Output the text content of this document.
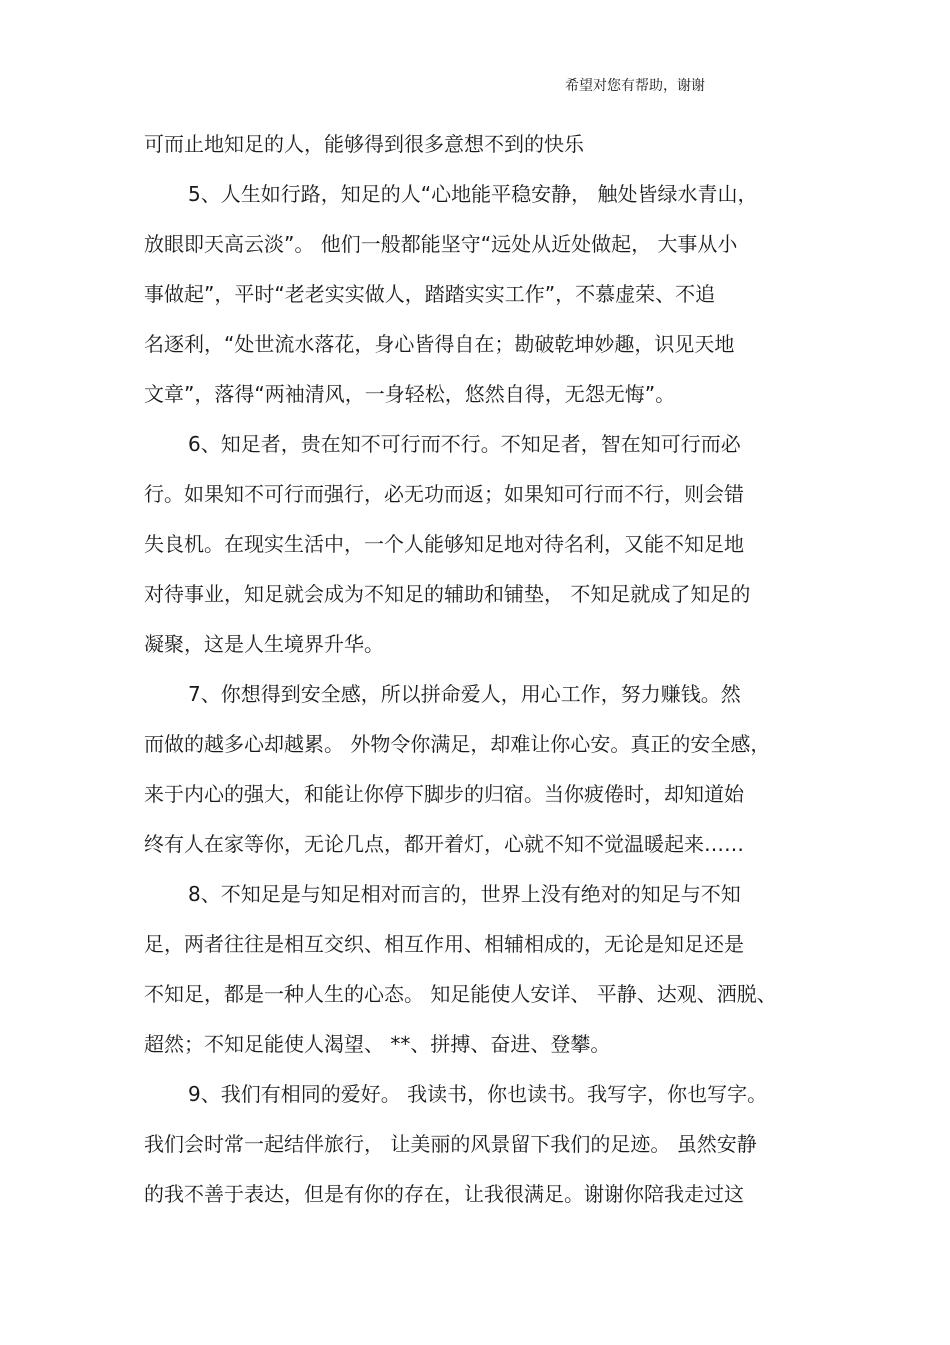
希望对您有帮助，谢谢
可而止地知足的人，能够得到很多意想不到的快乐
5、人生如行路，知足的人“心地能平稳安静， 触处皆绿水青山，
放眼即天高云淡”。 他们一般都能坚守“远处从近处做起， 大事从小
事做起”，平时“老老实实做人，踏踏实实工作”，不慕虚荣、不追
名逐利，“处世流水落花，身心皆得自在；勘破乾坤妙趣，识见天地
文章”，落得“两袖清风，一身轻松，悠然自得，无怨无悔”。
6、知足者，贵在知不可行而不行。不知足者，智在知可行而必
行。如果知不可行而强行，必无功而返；如果知可行而不行，则会错
失良机。在现实生活中，一个人能够知足地对待名利，又能不知足地
对待事业，知足就会成为不知足的辅助和铺垫， 不知足就成了知足的
凝聚，这是人生境界升华。
7、你想得到安全感，所以拼命爱人，用心工作，努力赚钱。然
而做的越多心却越累。 外物令你满足，却难让你心安。真正的安全感，
来于内心的强大，和能让你停下脚步的归宿。当你疲倦时，却知道始
终有人在家等你，无论几点，都开着灯，心就不知不觉温暖起来……
8、不知足是与知足相对而言的，世界上没有绝对的知足与不知
足，两者往往是相互交织、相互作用、相辅相成的，无论是知足还是
不知足，都是一种人生的心态。 知足能使人安详、 平静、达观、洒脱、
超然；不知足能使人渴望、 **、拼搏、奋进、登攀。
9、我们有相同的爱好。 我读书，你也读书。我写字，你也写字。
我们会时常一起结伴旅行， 让美丽的风景留下我们的足迹。 虽然安静
的我不善于表达，但是有你的存在，让我很满足。谢谢你陪我走过这
